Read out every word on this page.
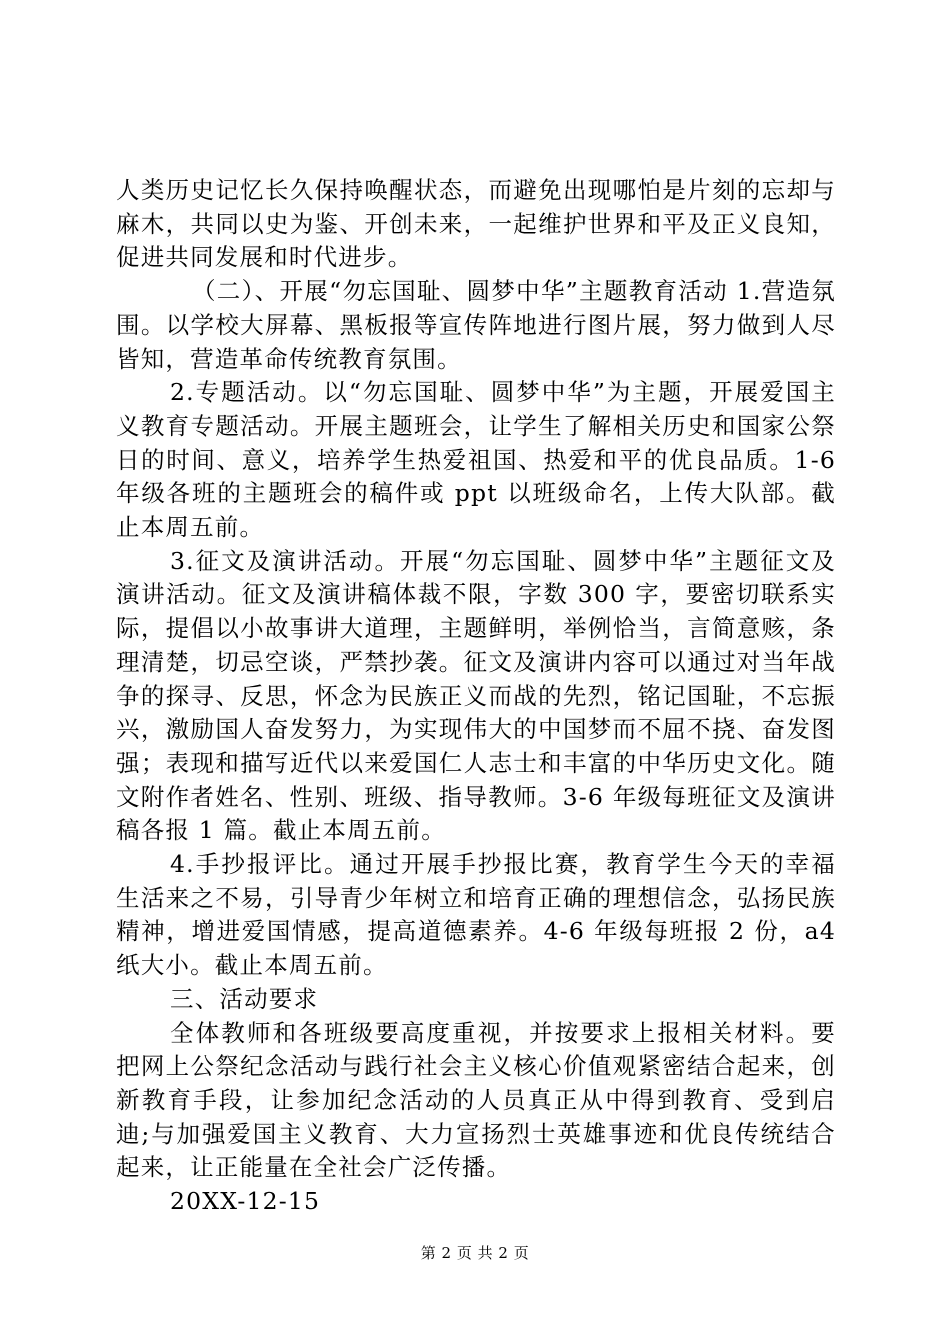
人类历史记忆长久保持唤醒状态，而避免出现哪怕是片刻的忘却与麻木，共同以史为鉴、开创未来，一起维护世界和平及正义良知，促进共同发展和时代进步。

（二）、开展“勿忘国耻、圆梦中华”主题教育活动 1.营造氛围。以学校大屏幕、黑板报等宣传阵地进行图片展，努力做到人尽皆知，营造革命传统教育氛围。

2.专题活动。以“勿忘国耻、圆梦中华”为主题，开展爱国主义教育专题活动。开展主题班会，让学生了解相关历史和国家公祭日的时间、意义，培养学生热爱祖国、热爱和平的优良品质。1-6 年级各班的主题班会的稿件或 ppt 以班级命名，上传大队部。截止本周五前。

3.征文及演讲活动。开展“勿忘国耻、圆梦中华”主题征文及演讲活动。征文及演讲稿体裁不限，字数 300 字，要密切联系实际，提倡以小故事讲大道理，主题鲜明，举例恰当，言简意赅，条理清楚，切忌空谈，严禁抄袭。征文及演讲内容可以通过对当年战争的探寻、反思，怀念为民族正义而战的先烈，铭记国耻，不忘振兴，激励国人奋发努力，为实现伟大的中国梦而不屈不挠、奋发图强；表现和描写近代以来爱国仁人志士和丰富的中华历史文化。随文附作者姓名、性别、班级、指导教师。3-6 年级每班征文及演讲稿各报 1 篇。截止本周五前。

4.手抄报评比。通过开展手抄报比赛，教育学生今天的幸福生活来之不易，引导青少年树立和培育正确的理想信念，弘扬民族精神，增进爱国情感，提高道德素养。4-6 年级每班报 2 份，a4 纸大小。截止本周五前。

三、活动要求

全体教师和各班级要高度重视，并按要求上报相关材料。要把网上公祭纪念活动与践行社会主义核心价值观紧密结合起来，创新教育手段，让参加纪念活动的人员真正从中得到教育、受到启迪;与加强爱国主义教育、大力宣扬烈士英雄事迹和优良传统结合起来，让正能量在全社会广泛传播。

20XX-12-15

第 2 页 共 2 页
